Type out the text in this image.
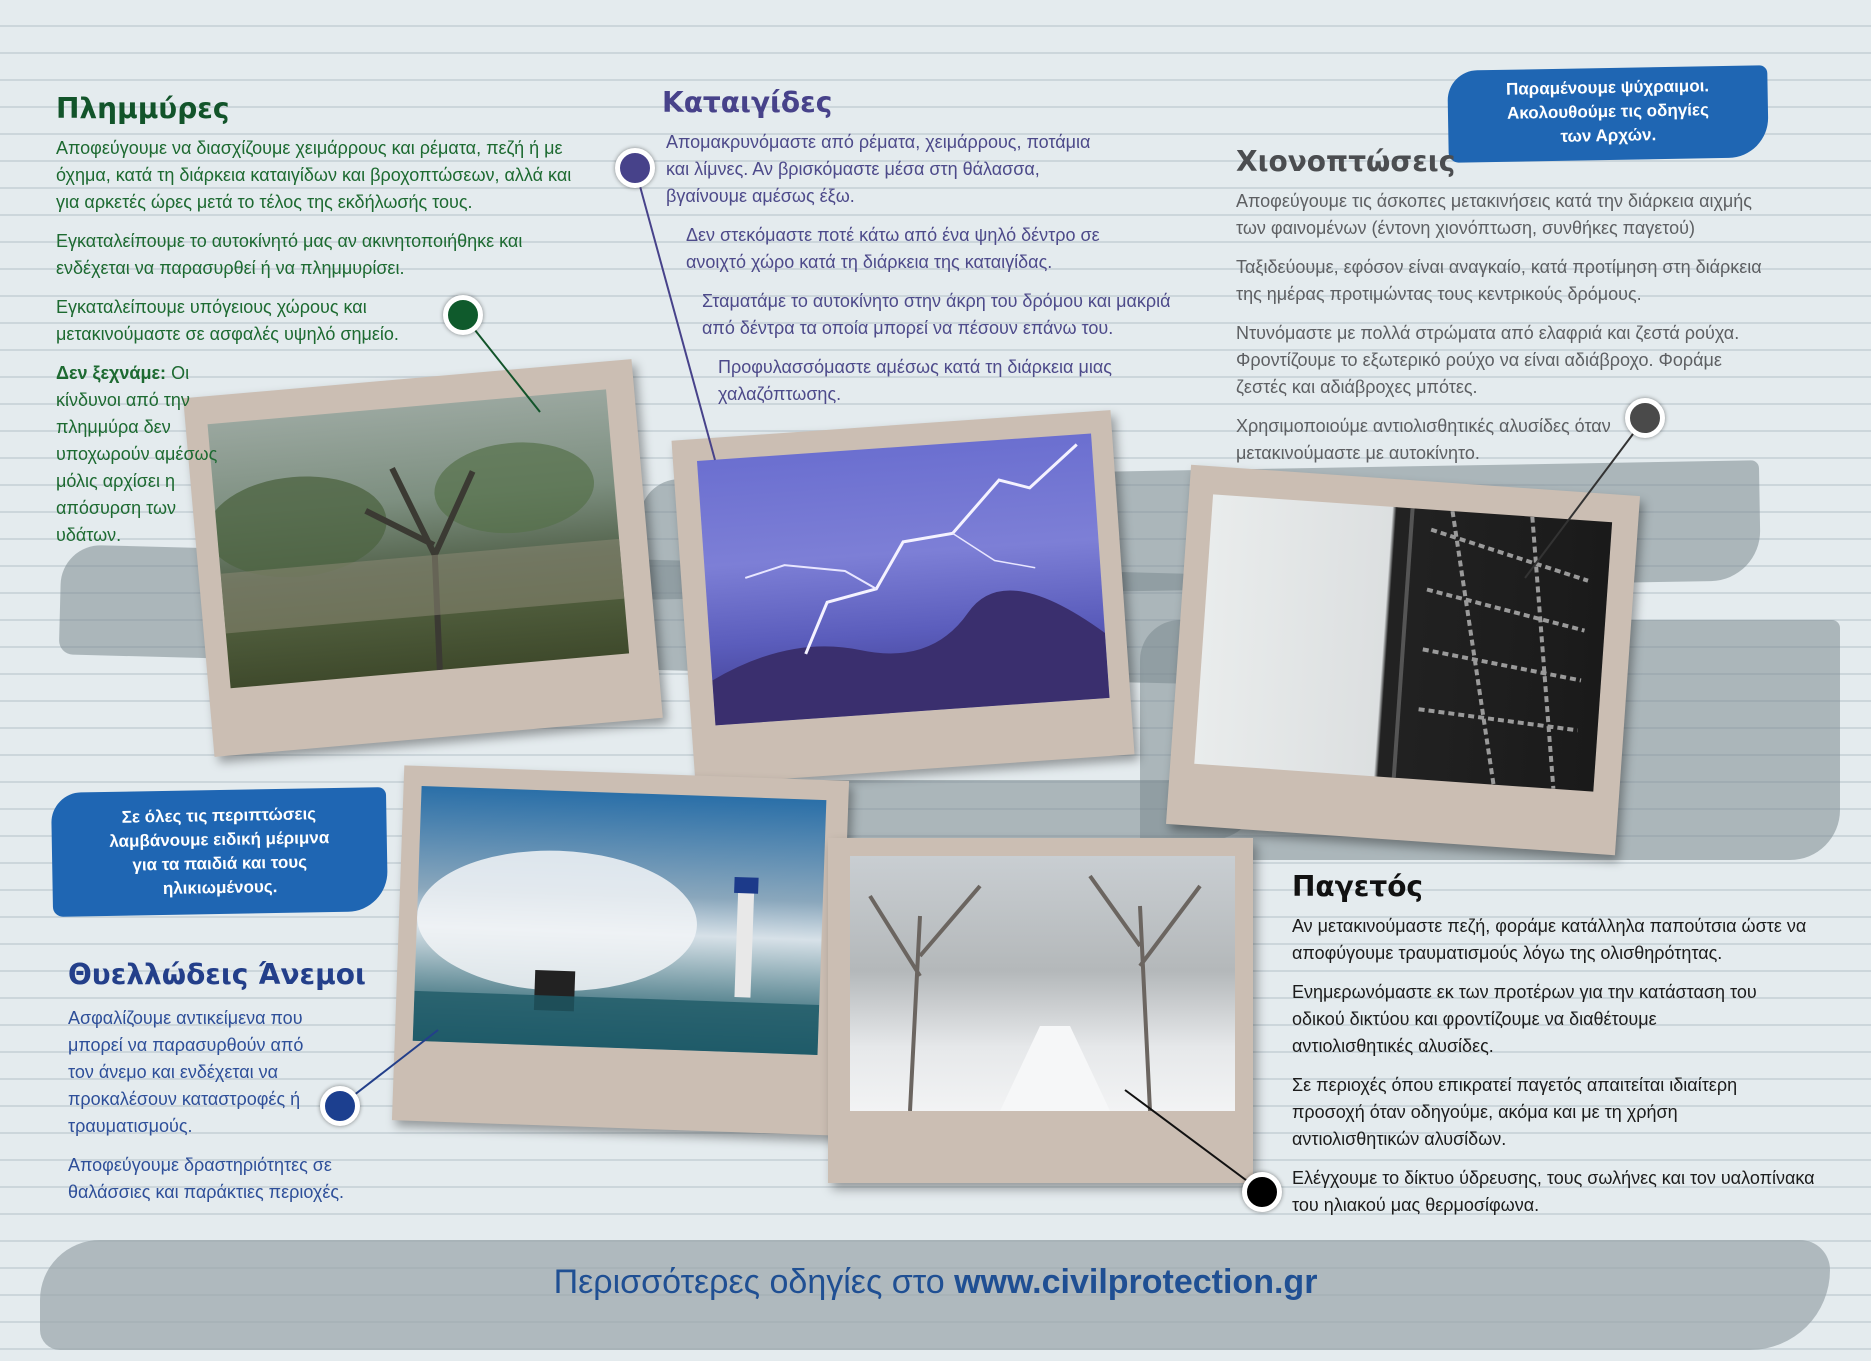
Παραμένουμε ψύχραιμοι. Ακολουθούμε τις οδηγίες των Αρχών.
Σε όλες τις περιπτώσεις λαμβάνουμε ειδική μέριμνα για τα παιδιά και τους ηλικιωμένους.
Πλημμύρες

Αποφεύγουμε να διασχίζουμε χειμάρρους και ρέματα, πεζή ή με όχημα, κατά τη διάρκεια καταιγίδων και βροχοπτώσεων, αλλά και για αρκετές ώρες μετά το τέλος της εκδήλωσής τους.

Εγκαταλείπουμε το αυτοκίνητό μας αν ακινητοποιήθηκε και ενδέχεται να παρασυρθεί ή να πλημμυρίσει.

Εγκαταλείπουμε υπόγειους χώρους και μετακινούμαστε σε ασφαλές υψηλό σημείο.

Δεν ξεχνάμε: Οι κίνδυνοι από την πλημμύρα δεν υποχωρούν αμέσως μόλις αρχίσει η απόσυρση των υδάτων.

Καταιγίδες

Απομακρυνόμαστε από ρέματα, χειμάρρους, ποτάμια και λίμνες. Αν βρισκόμαστε μέσα στη θάλασσα, βγαίνουμε αμέσως έξω.

Δεν στεκόμαστε ποτέ κάτω από ένα ψηλό δέντρο σε ανοιχτό χώρο κατά τη διάρκεια της καταιγίδας.

Σταματάμε το αυτοκίνητο στην άκρη του δρόμου και μακριά από δέντρα τα οποία μπορεί να πέσουν επάνω του.

Προφυλασσόμαστε αμέσως κατά τη διάρκεια μιας χαλαζόπτωσης.

Χιονοπτώσεις

Αποφεύγουμε τις άσκοπες μετακινήσεις κατά την διάρκεια αιχμής των φαινομένων (έντονη χιονόπτωση, συνθήκες παγετού)

Ταξιδεύουμε, εφόσον είναι αναγκαίο, κατά προτίμηση στη διάρκεια της ημέρας προτιμώντας τους κεντρικούς δρόμους.

Ντυνόμαστε με πολλά στρώματα από ελαφριά και ζεστά ρούχα. Φροντίζουμε το εξωτερικό ρούχο να είναι αδιάβροχο. Φοράμε ζεστές και αδιάβροχες μπότες.

Χρησιμοποιούμε αντιολισθητικές αλυσίδες όταν μετακινούμαστε με αυτοκίνητο.

Θυελλώδεις Άνεμοι

Ασφαλίζουμε αντικείμενα που μπορεί να παρασυρθούν από τον άνεμο και ενδέχεται να προκαλέσουν καταστροφές ή τραυματισμούς.

Αποφεύγουμε δραστηριότητες σε θαλάσσιες και παράκτιες περιοχές.

Παγετός

Αν μετακινούμαστε πεζή, φοράμε κατάλληλα παπούτσια ώστε να αποφύγουμε τραυματισμούς λόγω της ολισθηρότητας.

Ενημερωνόμαστε εκ των προτέρων για την κατάσταση του οδικού δικτύου και φροντίζουμε να διαθέτουμε αντιολισθητικές αλυσίδες.

Σε περιοχές όπου επικρατεί παγετός απαιτείται ιδιαίτερη προσοχή όταν οδηγούμε, ακόμα και με τη χρήση αντιολισθητικών αλυσίδων.

Ελέγχουμε το δίκτυο ύδρευσης, τους σωλήνες και τον υαλοπίνακα του ηλιακού μας θερμοσίφωνα.

Περισσότερες οδηγίες στο www.civilprotection.gr
